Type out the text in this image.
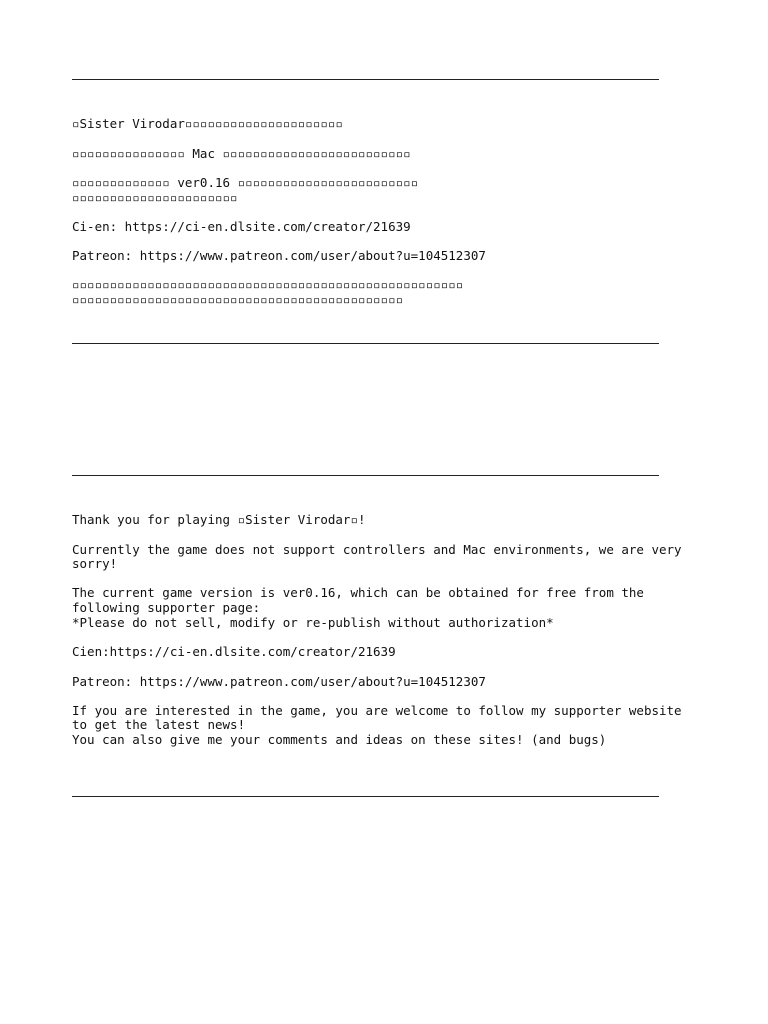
▫Sister Virodar▫▫▫▫▫▫▫▫▫▫▫▫▫▫▫▫▫▫▫▫▫
▫▫▫▫▫▫▫▫▫▫▫▫▫▫▫ Mac ▫▫▫▫▫▫▫▫▫▫▫▫▫▫▫▫▫▫▫▫▫▫▫▫▫
▫▫▫▫▫▫▫▫▫▫▫▫▫ ver0.16 ▫▫▫▫▫▫▫▫▫▫▫▫▫▫▫▫▫▫▫▫▫▫▫▫
▫▫▫▫▫▫▫▫▫▫▫▫▫▫▫▫▫▫▫▫▫▫
Ci-en: https://ci-en.dlsite.com/creator/21639
Patreon: https://www.patreon.com/user/about?u=104512307
▫▫▫▫▫▫▫▫▫▫▫▫▫▫▫▫▫▫▫▫▫▫▫▫▫▫▫▫▫▫▫▫▫▫▫▫▫▫▫▫▫▫▫▫▫▫▫▫▫▫▫▫
▫▫▫▫▫▫▫▫▫▫▫▫▫▫▫▫▫▫▫▫▫▫▫▫▫▫▫▫▫▫▫▫▫▫▫▫▫▫▫▫▫▫▫▫
Thank you for playing ▫Sister Virodar▫!
Currently the game does not support controllers and Mac environments, we are very
sorry!
The current game version is ver0.16, which can be obtained for free from the
following supporter page:
*Please do not sell, modify or re-publish without authorization*
Cien:https://ci-en.dlsite.com/creator/21639
Patreon: https://www.patreon.com/user/about?u=104512307
If you are interested in the game, you are welcome to follow my supporter website
to get the latest news!
You can also give me your comments and ideas on these sites! (and bugs)
